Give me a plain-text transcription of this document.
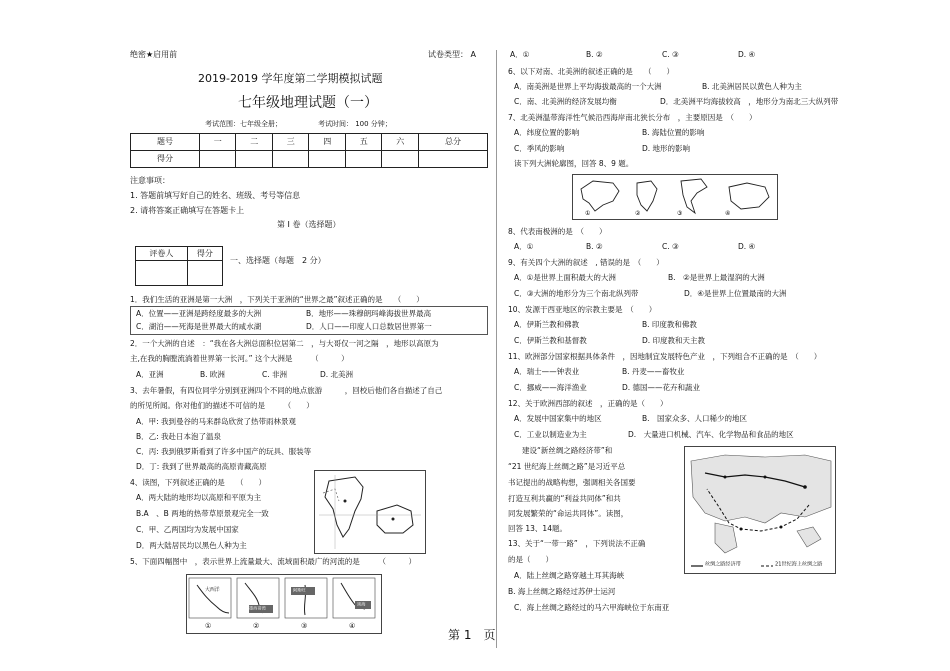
绝密★启用前	试卷类型： A
2019-2019 学年度第二学期模拟试题
七年级地理试题（一）
考试范围：七年级全册；	考试时间： 100 分钟；
题号	一	二	三	四	五	六	总分
得分							
注意事项：
1. 答题前填写好自己的姓名、班级、考号等信息
2. 请将答案正确填写在答题卡上
第 Ⅰ 卷（选择题）
评卷人	得分

一、选择题（每题　2 分）
1．我们生活的亚洲是第一大洲　，下列关于亚洲的“世界之最”叙述正确的是　　（　　）
A．位置——亚洲是跨经度最多的大洲	B．地形——珠穆朗玛峰海拔世界最高
C．湖泊——死海是世界最大的咸水湖	D．人口——印度人口总数居世界第一
2．一个大洲的自述　：“我在各大洲总面积位居第二　，与大哥仅一河之隔　，地形以高原为
主,在我的胸膛流淌着世界第一长河。” 这个大洲是　　　（　　　）
A．亚洲	B. 欧洲	C. 非洲	D. 北美洲
3、去年暑假，有四位同学分别到亚洲四个不同的地点旅游　　　，回校后他们各自描述了自己
的所见所闻。你对他们的描述不可信的是　　　（　　）
A．甲: 我到曼谷的马来群岛欣赏了热带雨林景观
B．乙: 我赴日本泡了温泉
C．丙: 我到俄罗斯看到了许多中国产的玩具、服装等
D．丁: 我到了世界最高的高原青藏高原
4、读图，下列叙述正确的是　　（　　）
A．两大陆的地形均以高原和平原为主
B.A　、B 两地的热带草原景观完全一致
C．甲、乙两国均为发展中国家
D．两大陆居民均以黑色人种为主
5、下面四幅图中　，表示世界上流量最大、流域面积最广的河流的是　　　（　　　）
大西洋
墨西哥湾
阿斯旺
黑海
①	②	③	④
A．①	B. ②	C. ③	D. ④
6、以下对南、北美洲的叙述正确的是　　（　　）
A．南美洲是世界上平均海拔最高的一个大洲	B. 北美洲居民以黄色人种为主
C．南、北美洲的经济发展均衡	D．北美洲平均海拔较高　，地形分为南北三大纵列带
7、北美洲温带海洋性气候沿西海岸南北狭长分布　，主要原因是　（　　）
A．纬度位置的影响	B. 海陆位置的影响
C．季风的影响	D. 地形的影响
读下列大洲轮廓图，回答 8、9 题。
①	②	③	④
8、代表南极洲的是　（　　）
A．①	B. ②	C. ③	D. ④
9、有关四个大洲的叙述　, 错误的是　（　　）
A．①是世界上面积最大的大洲	B.　②是世界上最湿润的大洲
C．③大洲的地形分为三个南北纵列带	D．④是世界上位置最南的大洲
10、发源于西亚地区的宗教主要是　（　　）
A．伊斯兰教和佛教	B. 印度教和佛教
C．伊斯兰教和基督教	D. 印度教和天主教
11、欧洲部分国家根据具体条件　，因地制宜发展特色产业　，下列组合不正确的是　（　　）
A．瑞士——钟表业	B. 丹麦——畜牧业
C．挪威——海洋渔业	D. 德国——花卉和蔬业
12、关于欧洲西部的叙述　，正确的是（　　）
A．发展中国家集中的地区	B.　国家众多、人口稀少的地区
C．工业以制造业为主	D.　大量进口机械、汽车、化学物品和食品的地区
建设“新丝绸之路经济带”和
“21 世纪海上丝绸之路”是习近平总
书记提出的战略构想，强调相关各国要
打造互利共赢的“利益共同体”和共
同发展繁荣的“命运共同体”。读图，
回答 13、14题。
13、关于“一带一路”　，下列说法不正确
的是（　　）
A．陆上丝绸之路穿越土耳其海峡
B. 海上丝绸之路经过苏伊士运河
C．海上丝绸之路经过的马六甲海峡位于东南亚
丝绸之路经济带	21世纪海上丝绸之路
第 1　页
